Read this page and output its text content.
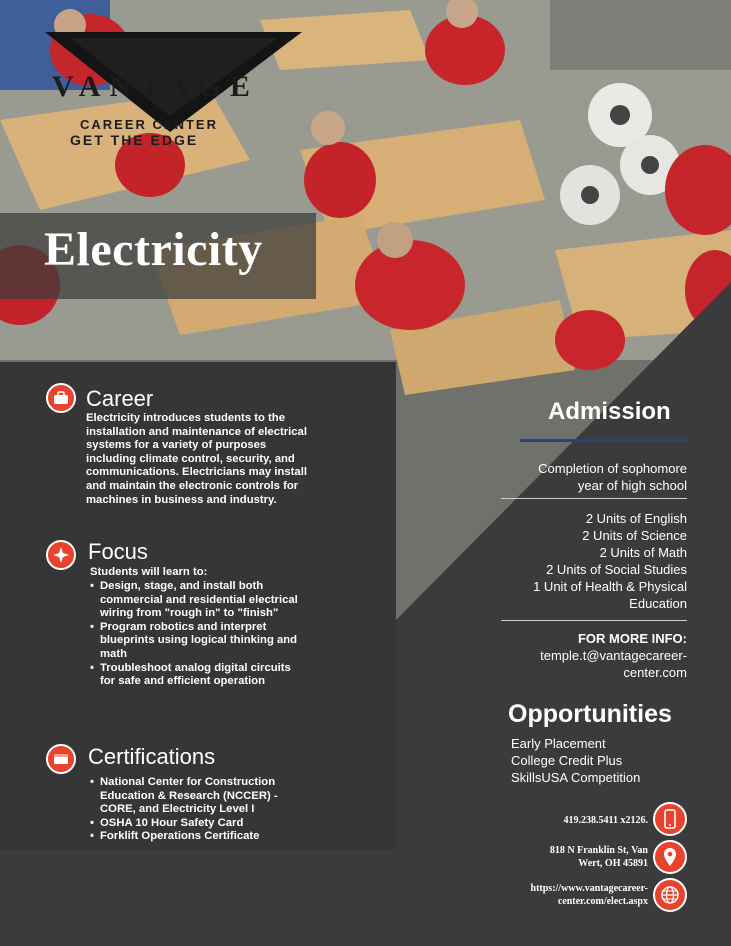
VANTAGE
CAREER CENTER
GET THE EDGE
Electricity
Career
Electricity introduces students to the installation and maintenance of electrical systems for a variety of purposes including climate control, security, and communications. Electricians may install and maintain the electronic controls for machines in business and industry.
Focus
Students will learn to:
• Design, stage, and install both commercial and residential electrical wiring from "rough in" to "finish"
• Program robotics and interpret blueprints using logical thinking and math
• Troubleshoot analog digital circuits for safe and efficient operation
Certifications
• National Center for Construction Education & Research (NCCER) - CORE, and Electricity Level I
• OSHA 10 Hour Safety Card
• Forklift Operations Certificate
Admission
Completion of sophomore
year of high school
2 Units of English
2 Units of Science
2 Units of Math
2 Units of Social Studies
1 Unit of Health & Physical
Education
FOR MORE INFO:
temple.t@vantagecareer-
center.com
Opportunities
Early Placement
College Credit Plus
SkillsUSA Competition
419.238.5411 x2126.
818 N Franklin St, Van
Wert, OH 45891
https://www.vantagecareer-
center.com/elect.aspx
